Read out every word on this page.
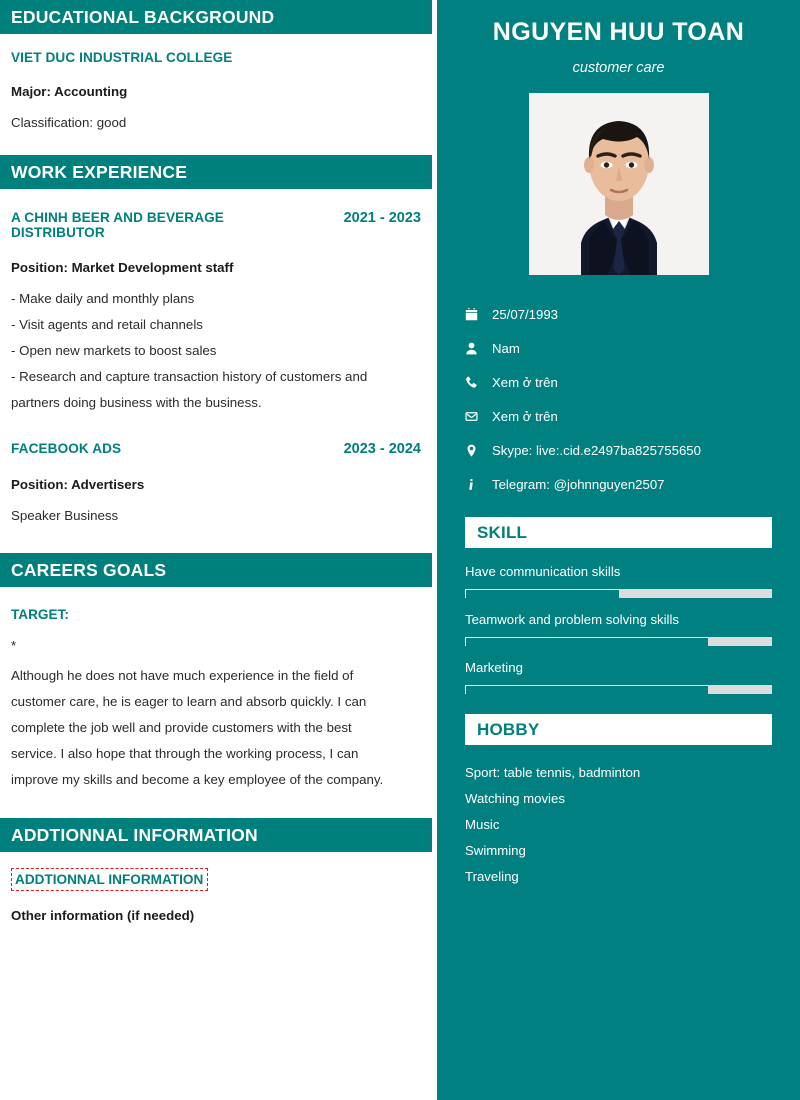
EDUCATIONAL BACKGROUND
VIET DUC INDUSTRIAL COLLEGE
Major: Accounting
Classification: good
WORK EXPERIENCE
A CHINH BEER AND BEVERAGE DISTRIBUTOR
2021 - 2023
Position: Market Development staff
- Make daily and monthly plans
- Visit agents and retail channels
- Open new markets to boost sales
- Research and capture transaction history of customers and
partners doing business with the business.
FACEBOOK ADS	2023 - 2024
Position: Advertisers
Speaker Business
CAREERS GOALS
TARGET:
*
Although he does not have much experience in the field of
customer care, he is eager to learn and absorb quickly. I can
complete the job well and provide customers with the best
service. I also hope that through the working process, I can
improve my skills and become a key employee of the company.
ADDTIONNAL INFORMATION
ADDTIONNAL INFORMATION
Other information (if needed)
NGUYEN HUU TOAN
customer care
25/07/1993
Nam
Xem ở trên
Xem ở trên
Skype: live:.cid.e2497ba825755650
Telegram: @johnnguyen2507
SKILL
Have communication skills
Teamwork and problem solving skills
Marketing
HOBBY
Sport: table tennis, badminton
Watching movies
Music
Swimming
Traveling
